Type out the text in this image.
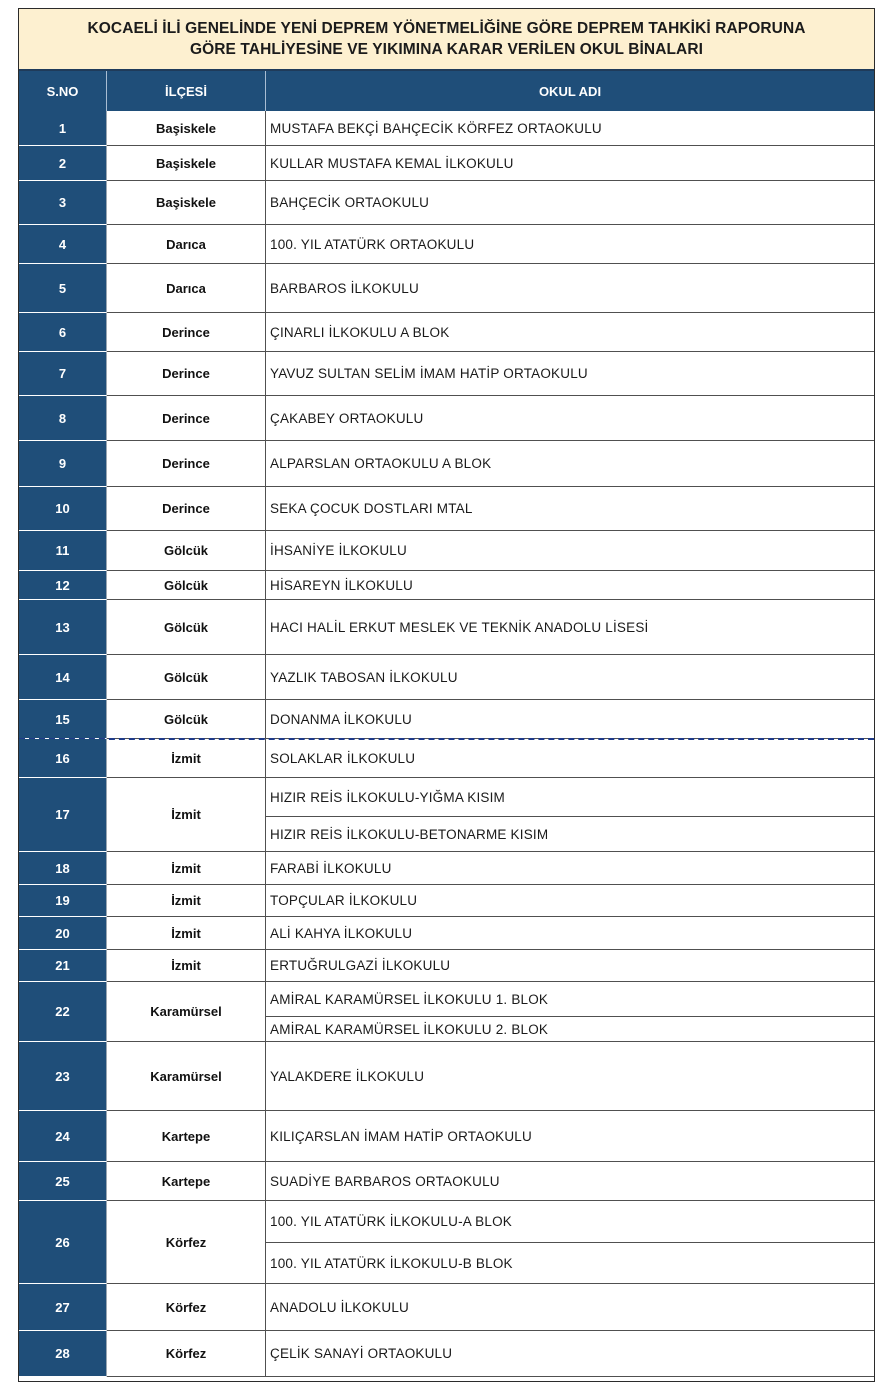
KOCAELİ İLİ GENELİNDE YENİ DEPREM YÖNETMELİĞİNE GÖRE DEPREM TAHKİKİ RAPORUNA
GÖRE TAHLİYESİNE VE YIKIMINA KARAR VERİLEN OKUL BİNALARI
S.NO	İLÇESİ	OKUL ADI
1	Başiskele	MUSTAFA BEKÇİ BAHÇECİK KÖRFEZ ORTAOKULU
2	Başiskele	KULLAR MUSTAFA KEMAL İLKOKULU
3	Başiskele	BAHÇECİK ORTAOKULU
4	Darıca	100. YIL ATATÜRK ORTAOKULU
5	Darıca	BARBAROS İLKOKULU
6	Derince	ÇINARLI İLKOKULU A BLOK
7	Derince	YAVUZ SULTAN SELİM İMAM HATİP ORTAOKULU
8	Derince	ÇAKABEY ORTAOKULU
9	Derince	ALPARSLAN ORTAOKULU A BLOK
10	Derince	SEKA ÇOCUK DOSTLARI MTAL
11	Gölcük	İHSANİYE İLKOKULU
12	Gölcük	HİSAREYN İLKOKULU
13	Gölcük	HACI HALİL ERKUT MESLEK VE TEKNİK ANADOLU LİSESİ
14	Gölcük	YAZLIK TABOSAN İLKOKULU
15	Gölcük	DONANMA İLKOKULU
16	İzmit	SOLAKLAR İLKOKULU
17	İzmit
HIZIR REİS İLKOKULU-YIĞMA KISIM
HIZIR REİS İLKOKULU-BETONARME KISIM
18	İzmit	FARABİ İLKOKULU
19	İzmit	TOPÇULAR İLKOKULU
20	İzmit	ALİ KAHYA İLKOKULU
21	İzmit	ERTUĞRULGAZİ İLKOKULU
22	Karamürsel
AMİRAL KARAMÜRSEL İLKOKULU 1. BLOK
AMİRAL KARAMÜRSEL İLKOKULU 2. BLOK
23	Karamürsel	YALAKDERE İLKOKULU
24	Kartepe	KILIÇARSLAN İMAM HATİP ORTAOKULU
25	Kartepe	SUADİYE BARBAROS ORTAOKULU
26	Körfez
100. YIL ATATÜRK İLKOKULU-A BLOK
100. YIL ATATÜRK İLKOKULU-B BLOK
27	Körfez	ANADOLU İLKOKULU
28	Körfez	ÇELİK SANAYİ ORTAOKULU
